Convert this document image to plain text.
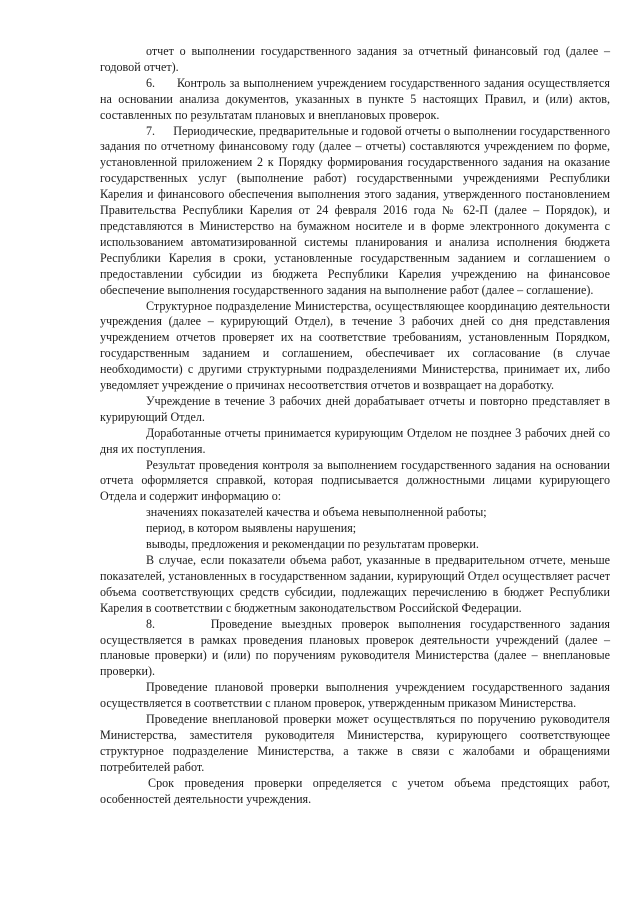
отчет о выполнении государственного задания за отчетный финансовый год (далее – годовой отчет).

6.      Контроль за выполнением учреждением государственного задания осуществляется на основании анализа документов, указанных в пункте 5 настоящих Правил, и (или) актов, составленных по результатам плановых и внеплановых проверок.

7.      Периодические, предварительные и годовой отчеты о выполнении государственного задания по отчетному финансовому году (далее – отчеты) составляются учреждением по форме, установленной приложением 2 к Порядку формирования государственного задания на оказание государственных услуг (выполнение работ) государственными учреждениями Республики Карелия и финансового обеспечения выполнения этого задания, утвержденного постановлением Правительства Республики Карелия от 24 февраля 2016 года № 62-П (далее – Порядок), и представляются в Министерство на бумажном носителе и в форме электронного документа с использованием автоматизированной системы планирования и анализа исполнения бюджета Республики Карелия в сроки, установленные государственным заданием и соглашением о предоставлении субсидии из бюджета Республики Карелия учреждению на финансовое обеспечение выполнения государственного задания на выполнение работ (далее – соглашение).

Структурное подразделение Министерства, осуществляющее координацию деятельности учреждения (далее – курирующий Отдел), в течение 3 рабочих дней со дня представления учреждением отчетов проверяет их на соответствие требованиям, установленным Порядком, государственным заданием и соглашением, обеспечивает их согласование (в случае необходимости) с другими структурными подразделениями Министерства, принимает их, либо уведомляет учреждение о причинах несоответствия отчетов и возвращает на доработку.

Учреждение в течение 3 рабочих дней дорабатывает отчеты и повторно представляет в курирующий Отдел.

Доработанные отчеты принимается курирующим Отделом не позднее 3 рабочих дней со дня их поступления.

Результат проведения контроля за выполнением государственного задания на основании отчета оформляется справкой, которая подписывается должностными лицами курирующего Отдела и содержит информацию о:

значениях показателей качества и объема невыполненной работы;

период, в котором выявлены нарушения;

выводы, предложения и рекомендации по результатам проверки.

В случае, если показатели объема работ, указанные в предварительном отчете, меньше показателей, установленных в государственном задании, курирующий Отдел осуществляет расчет объема соответствующих средств субсидии, подлежащих перечислению в бюджет Республики Карелия в соответствии с бюджетным законодательством Российской Федерации.

8.      Проведение выездных проверок выполнения государственного задания осуществляется в рамках проведения плановых проверок деятельности учреждений (далее – плановые проверки) и (или) по поручениям руководителя Министерства (далее – внеплановые проверки).

Проведение плановой проверки выполнения учреждением государственного задания осуществляется в соответствии с планом проверок, утвержденным приказом Министерства.

Проведение внеплановой проверки может осуществляться по поручению руководителя Министерства, заместителя руководителя Министерства, курирующего соответствующее структурное подразделение Министерства, а также в связи с жалобами и обращениями потребителей работ.

Срок проведения проверки определяется с учетом объема предстоящих работ, особенностей деятельности учреждения.
